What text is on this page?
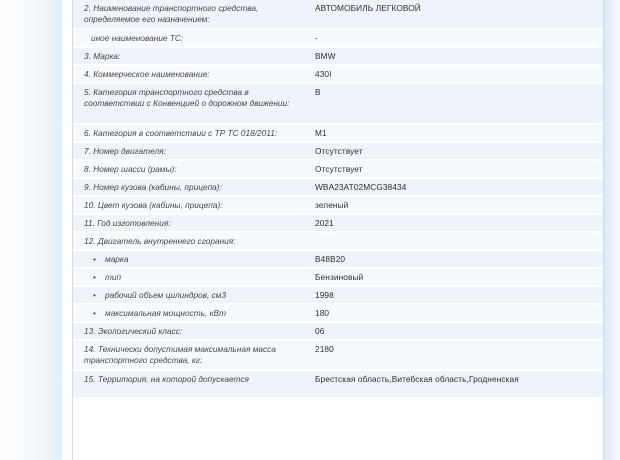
2. Наименование транспортного средства, определяемое его назначением:
АВТОМОБИЛЬ ЛЕГКОВОЙ
иное наименование ТС:	-
3. Марка:	BMW
4. Коммерческое наименование:	430I
5. Категория транспортного средства в соответствии с Конвенцией о дорожном движении:
B
6. Категория в соответствии с ТР ТС 018/2011:	M1
7. Номер двигателя:	Отсутствует
8. Номер шасси (рамы):	Отсутствует
9. Номер кузова (кабины, прицепа):	WBA23AT02MCG38434
10. Цвет кузова (кабины, прицепа):	зеленый
11. Год изготовления:	2021
12. Двигатель внутреннего сгорания:
• марка	B48B20
• тип	Бензиновый
• рабочий объем цилиндров, см3	1998
• максимальная мощность, кВт	180
13. Экологический класс:	06
14. Технически допустимая максимальная масса транспортного средства, кг:
2180
15. Территория, на которой допускается	Брестская область,Витебская область,Гродненская
